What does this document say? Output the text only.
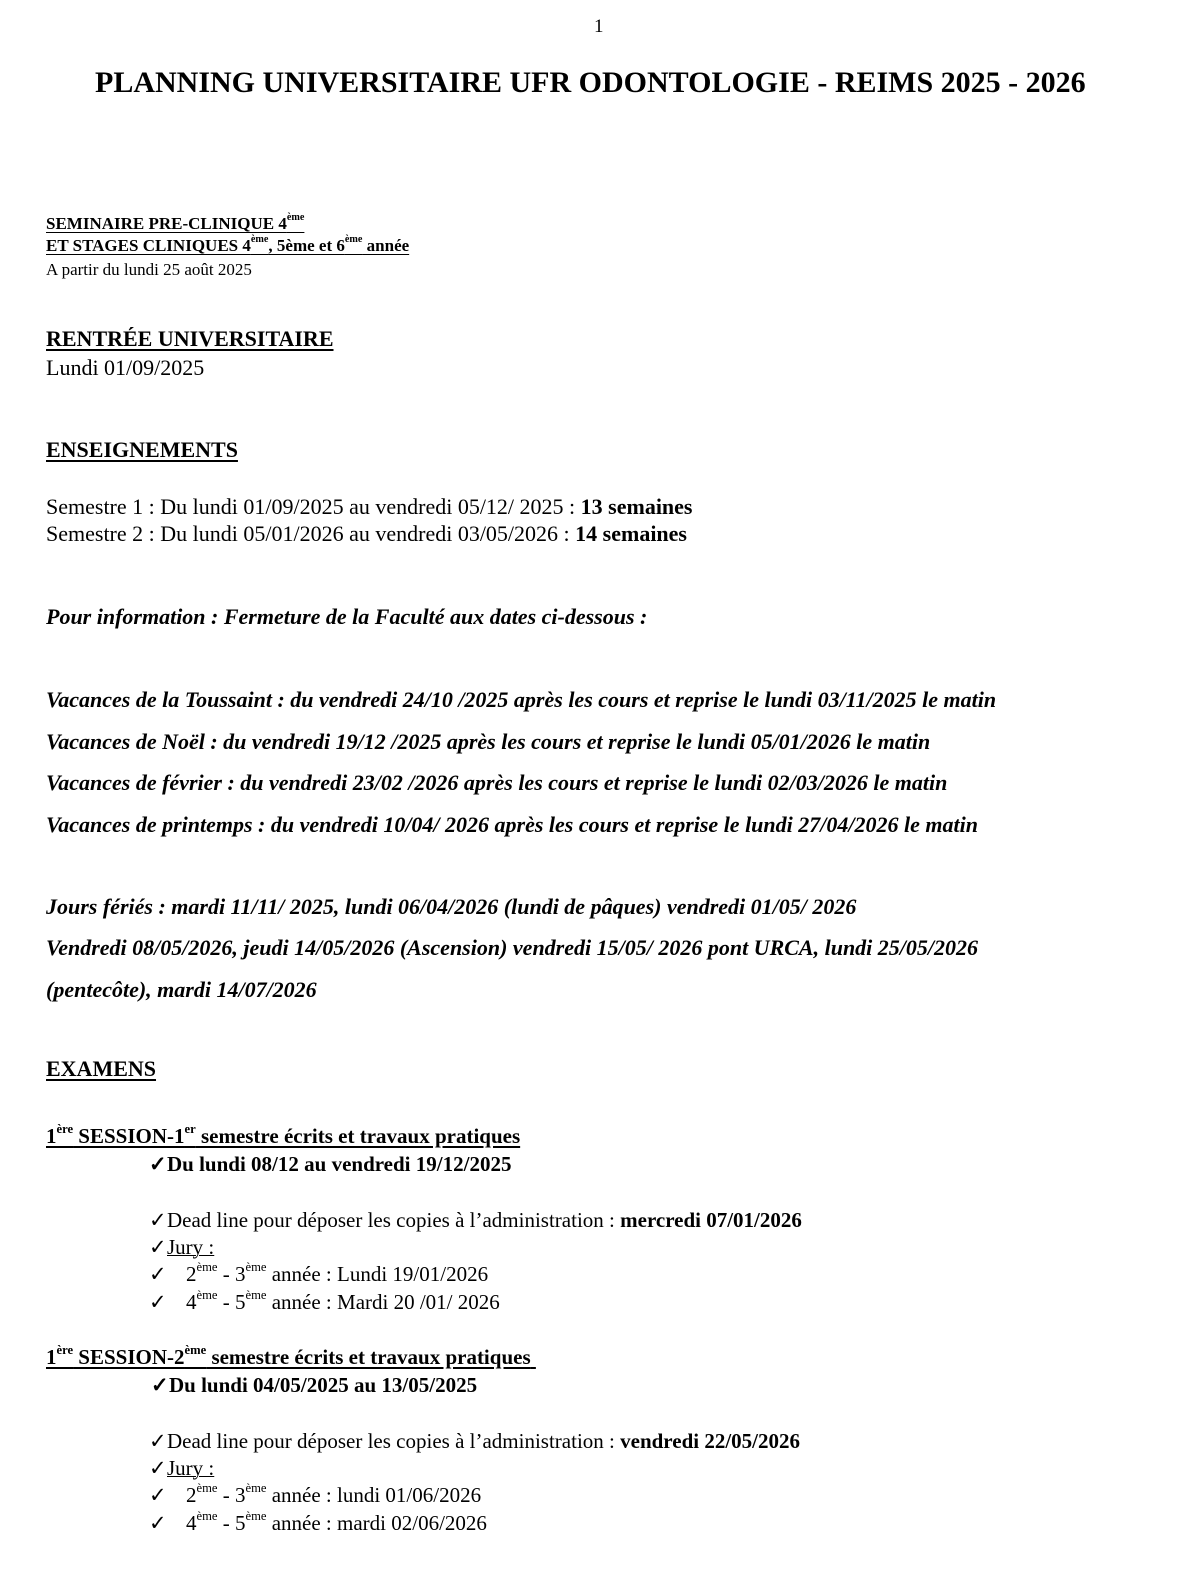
1
PLANNING UNIVERSITAIRE UFR ODONTOLOGIE - REIMS 2025 - 2026
SEMINAIRE PRE-CLINIQUE 4ème
ET STAGES CLINIQUES 4ème, 5ème et 6ème année
A partir du lundi 25 août 2025
RENTRÉE UNIVERSITAIRE
Lundi 01/09/2025
ENSEIGNEMENTS
Semestre 1 : Du lundi 01/09/2025 au vendredi 05/12/ 2025 : 13 semaines
Semestre 2 : Du lundi 05/01/2026 au vendredi 03/05/2026 : 14 semaines
Pour information : Fermeture de la Faculté aux dates ci-dessous :
Vacances de la Toussaint : du vendredi 24/10 /2025 après les cours et reprise le lundi 03/11/2025 le matin
Vacances de Noël : du vendredi 19/12 /2025 après les cours et reprise le lundi 05/01/2026 le matin
Vacances de février : du vendredi 23/02 /2026 après les cours et reprise le lundi 02/03/2026 le matin
Vacances de printemps : du vendredi 10/04/ 2026 après les cours et reprise le lundi 27/04/2026 le matin
Jours fériés : mardi 11/11/ 2025, lundi 06/04/2026 (lundi de pâques) vendredi 01/05/ 2026
Vendredi 08/05/2026, jeudi 14/05/2026 (Ascension) vendredi 15/05/ 2026 pont URCA, lundi 25/05/2026
(pentecôte), mardi 14/07/2026
EXAMENS
1ère SESSION-1er semestre écrits et travaux pratiques
✓Du lundi 08/12 au vendredi 19/12/2025
✓Dead line pour déposer les copies à l’administration : mercredi 07/01/2026
✓Jury :
✓ 2ème - 3ème année : Lundi 19/01/2026
✓ 4ème - 5ème année : Mardi 20 /01/ 2026
1ère SESSION-2ème semestre écrits et travaux pratiques
✓Du lundi 04/05/2025 au 13/05/2025
✓Dead line pour déposer les copies à l’administration : vendredi 22/05/2026
✓Jury :
✓ 2ème - 3ème année : lundi 01/06/2026
✓ 4ème - 5ème année : mardi 02/06/2026
